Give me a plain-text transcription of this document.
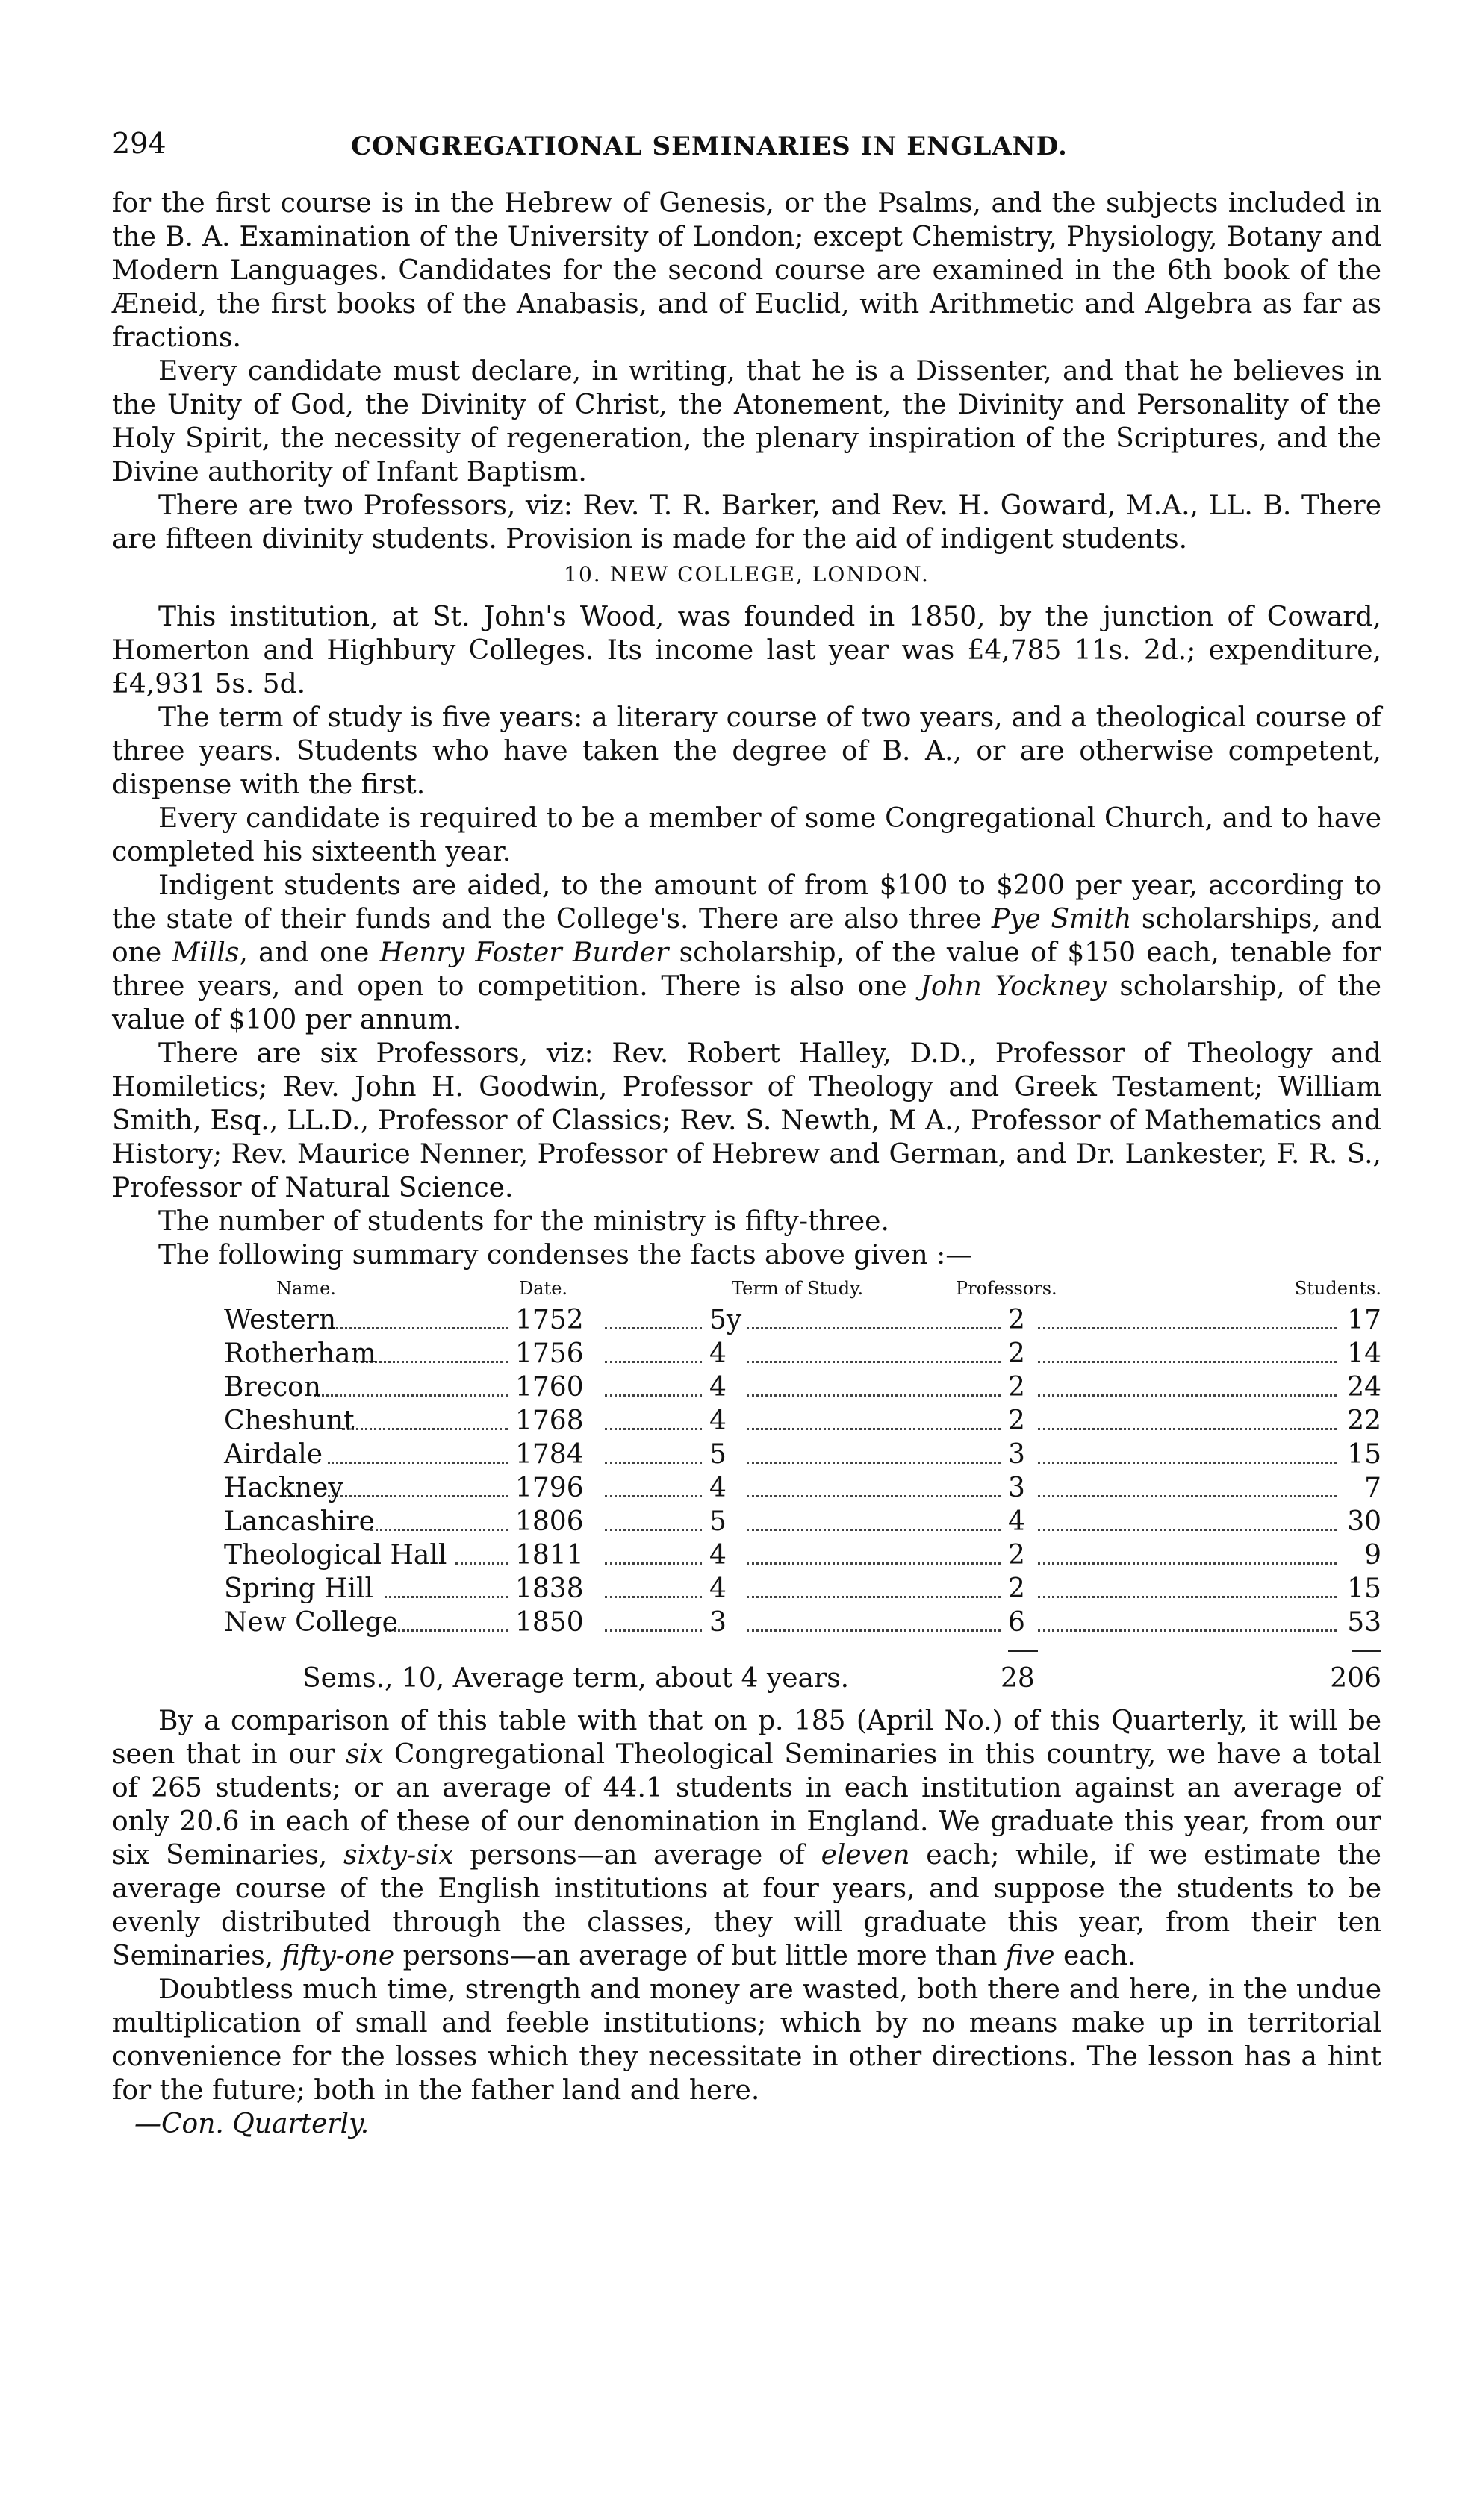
294	CONGREGATIONAL SEMINARIES IN ENGLAND.

for the first course is in the Hebrew of Genesis, or the Psalms, and the subjects included in the B. A. Examination of the University of London; except Chemistry, Physiology, Botany and Modern Languages. Candidates for the second course are examined in the 6th book of the Æneid, the first books of the Anabasis, and of Euclid, with Arithmetic and Algebra as far as fractions.

Every candidate must declare, in writing, that he is a Dissenter, and that he believes in the Unity of God, the Divinity of Christ, the Atonement, the Divinity and Personality of the Holy Spirit, the necessity of regeneration, the plenary inspiration of the Scriptures, and the Divine authority of Infant Baptism.

There are two Professors, viz: Rev. T. R. Barker, and Rev. H. Goward, M.A., LL. B. There are fifteen divinity students. Provision is made for the aid of indigent students.

10. NEW COLLEGE, LONDON.

This institution, at St. John's Wood, was founded in 1850, by the junction of Coward, Homerton and Highbury Colleges. Its income last year was £4,785 11s. 2d.; expenditure, £4,931 5s. 5d.

The term of study is five years: a literary course of two years, and a theological course of three years. Students who have taken the degree of B. A., or are otherwise competent, dispense with the first.

Every candidate is required to be a member of some Congregational Church, and to have completed his sixteenth year.

Indigent students are aided, to the amount of from $100 to $200 per year, according to the state of their funds and the College's. There are also three Pye Smith scholarships, and one Mills, and one Henry Foster Burder scholarship, of the value of $150 each, tenable for three years, and open to competition. There is also one John Yockney scholarship, of the value of $100 per annum.

There are six Professors, viz: Rev. Robert Halley, D.D., Professor of Theology and Homiletics; Rev. John H. Goodwin, Professor of Theology and Greek Testament; William Smith, Esq., LL.D., Professor of Classics; Rev. S. Newth, M A., Professor of Mathematics and History; Rev. Maurice Nenner, Professor of Hebrew and German, and Dr. Lankester, F. R. S., Professor of Natural Science.

The number of students for the ministry is fifty-three.

The following summary condenses the facts above given :—

Name.	Date.	Term of Study.	Professors.	Students.
Western	1752	5y	2	17
Rotherham	1756	4	2	14
Brecon	1760	4	2	24
Cheshunt	1768	4	2	22
Airdale	1784	5	3	15
Hackney	1796	4	3	7
Lancashire	1806	5	4	30
Theological Hall	1811	4	2	9
Spring Hill	1838	4	2	15
New College	1850	3	6	53
Sems., 10, Average term, about 4 years.	28	206

By a comparison of this table with that on p. 185 (April No.) of this Quarterly, it will be seen that in our six Congregational Theological Seminaries in this country, we have a total of 265 students; or an average of 44.1 students in each institution against an average of only 20.6 in each of these of our denomination in England. We graduate this year, from our six Seminaries, sixty-six persons—an average of eleven each; while, if we estimate the average course of the English institutions at four years, and suppose the students to be evenly distributed through the classes, they will graduate this year, from their ten Seminaries, fifty-one persons—an average of but little more than five each.

Doubtless much time, strength and money are wasted, both there and here, in the undue multiplication of small and feeble institutions; which by no means make up in territorial convenience for the losses which they necessitate in other directions. The lesson has a hint for the future; both in the father land and here.

—Con. Quarterly.
